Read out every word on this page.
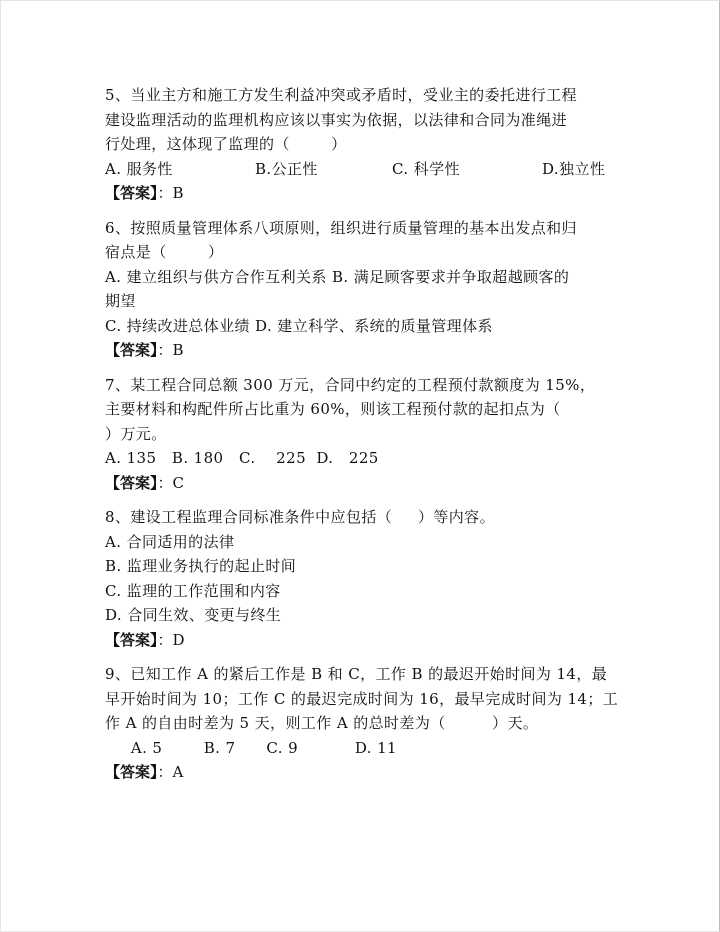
5、当业主方和施工方发生利益冲突或矛盾时，受业主的委托进行工程
建设监理活动的监理机构应该以事实为依据，以法律和合同为准绳进
行处理，这体现了监理的（        ）
A. 服务性	B.公正性	C. 科学性	D.独立性
【答案】：B
6、按照质量管理体系八项原则，组织进行质量管理的基本出发点和归
宿点是（        ）
A. 建立组织与供方合作互利关系 B. 满足顾客要求并争取超越顾客的
期望
C. 持续改进总体业绩 D. 建立科学、系统的质量管理体系
【答案】：B
7、某工程合同总额 300 万元，合同中约定的工程预付款额度为 15%，
主要材料和构配件所占比重为 60%，则该工程预付款的起扣点为（
）万元。
A. 135   B. 180   C.    225  D.   225
【答案】：C
8、建设工程监理合同标准条件中应包括（     ）等内容。
A. 合同适用的法律
B. 监理业务执行的起止时间
C. 监理的工作范围和内容
D. 合同生效、变更与终生
【答案】：D
9、已知工作 A 的紧后工作是 B 和 C，工作 B 的最迟开始时间为 14，最
早开始时间为 10；工作 C 的最迟完成时间为 16，最早完成时间为 14；工
作 A 的自由时差为 5 天，则工作 A 的总时差为（         ）天。
A. 5        B. 7      C. 9           D. 11
【答案】：A
